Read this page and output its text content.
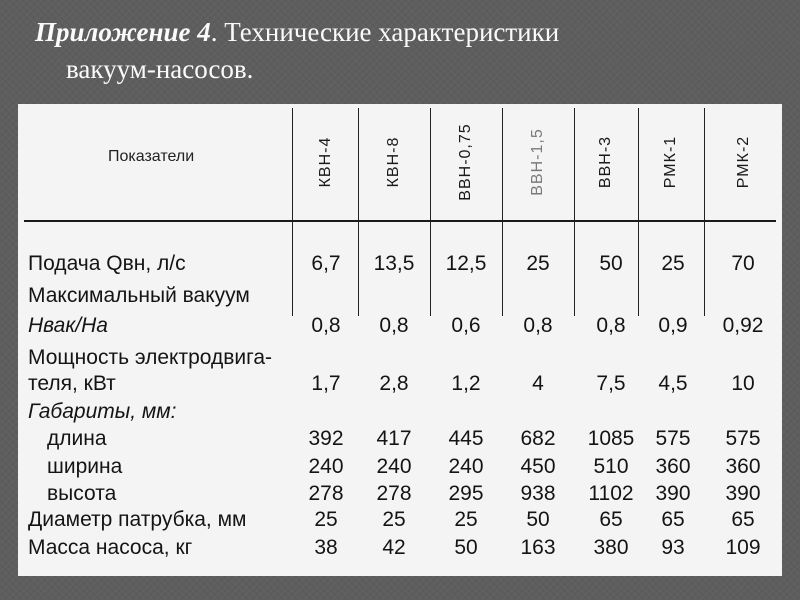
Приложение 4. Технические характеристики
вакуум-насосов.
Показатели	КВН-4	КВН-8	ВВН-0,75	ВВН-1,5	ВВН-3	РМК-1	РМК-2
Подача Qвн, л/с	6,7	13,5	12,5	25	50	25	70
Максимальный вакуум
Hвак/Hа	0,8	0,8	0,6	0,8	0,8	0,9	0,92
Мощность электродвига-
теля, кВт	1,7	2,8	1,2	4	7,5	4,5	10
Габариты, мм:
длина	392	417	445	682	1085	575	575
ширина	240	240	240	450	510	360	360
высота	278	278	295	938	1102	390	390
Диаметр патрубка, мм	25	25	25	50	65	65	65
Масса насоса, кг	38	42	50	163	380	93	109
